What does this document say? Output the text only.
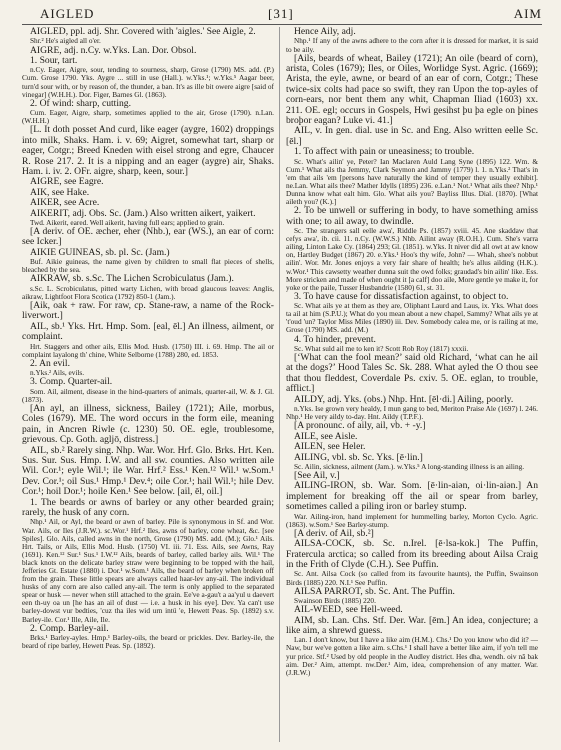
AIGLED	[31]	AIM

AIGLED, ppl. adj. Shr. Covered with 'aigles.' See Aigle, 2.

Shr.² He's aigled all o'er.

AIGRE, adj. n.Cy. w.Yks. Lan. Dor. Obsol.

1. Sour, tart.

n.Cy. Eager, Aigre, sour, tending to sourness, sharp, Grose (1790) MS. add. (P.) Cum. Grose 1790. Yks. Aygre ... still in use (Hall.). w.Yks.¹; w.Yks.⁵ Aagar beer, turn'd sour with, or by reason of, the thunder, a ban. It's as ille bit owere aigre [said of vinegar] (W.H.H.). Dor. Figer, Barnes Gl. (1863).

2. Of wind: sharp, cutting.

Cum. Eager, Aigre, sharp, sometimes applied to the air, Grose (1790). n.Lan. (W.H.H.)

[L. It doth posset And curd, like eager (aygre, 1602) droppings into milk, Shaks. Ham. i. v. 69; Aigret, somewhat tart, sharp or eager, Cotgr.; Breed Kneden with eisel strong and egre, Chaucer R. Rose 217. 2. It is a nipping and an eager (aygre) air, Shaks. Ham. i. iv. 2. OFr. aigre, sharp, keen, sour.]

AIGRE, see Eagre.

AIK, see Hake.

AIKER, see Acre.

AIKERIT, adj. Obs. Sc. (Jam.) Also written aikert, yaikert.

Twd. Aikerit, eared. Well aikerit, having full ears; applied to grain.

[A deriv. of OE. æcher, eher (Nhb.), ear (WS.), an ear of corn: see Icker.]

AIKIE GUINEAS, sb. pl. Sc. (Jam.)

Buf. Aikie guineas, the name given by children to small flat pieces of shells, bleached by the sea.

AIKRAW, sb. s.Sc. The Lichen Scrobiculatus (Jam.).

s.Sc. L. Scrobiculatus, pitted warty Lichen, with broad glaucous leaves: Anglis, aikraw, Lightfoot Flora Scotica (1792) 850-1 (Jam.).

[Aik, oak + raw. For raw, cp. Stane-raw, a name of the Rock-liverwort.]

AIL, sb.¹ Yks. Hrt. Hmp. Som. [eal, ēl.] An illness, ailment, or complaint.

Hrt. Staggers and other ails, Ellis Mod. Husb. (1750) III. i. 69. Hmp. The ail or complaint layalong th' chine, White Selborne (1788) 280, ed. 1853.

2. An evil.

n.Yks.² Ails, evils.

3. Comp. Quarter-ail.

Som. Ail, ailment, disease in the hind-quarters of animals, quarter-ail, W. & J. Gl. (1873).

[An ayl, an illness, sickness, Bailey (1721); Aile, morbus, Coles (1679). ME. The word occurs in the form eile, meaning pain, in Ancren Riwle (c. 1230) 50. OE. egle, troublesome, grievous. Cp. Goth. agljō, distress.]

AIL, sb.² Rarely sing. Nhp. War. Wor. Hrf. Glo. Brks. Hrt. Ken. Sus. Sur. Sus. Hmp. I.W. and all sw. counties. Also written aile Wil. Cor.¹; eyle Wil.¹; ile War. Hrf.² Ess.¹ Ken.¹² Wil.¹ w.Som.¹ Dev. Cor.¹; oil Sus.¹ Hmp.¹ Dev.⁴; oile Cor.¹; hail Wil.¹; hile Dev. Cor.¹; hoil Dor.¹; hoile Ken.¹ See below. [ail, ēl, oil.]

1. The beards or awns of barley or any other bearded grain; rarely, the husk of any corn.

Nhp.¹ Ail, or Ayl, the beard or awn of barley. Pile is synonymous in Sf. and Wor. War. Ails, or Iles (J.R.W.). sc.Wor.¹ Hrf.² Iles, awns of barley, cone wheat, &c. [see Spiles]. Glo. Ails, called awns in the north, Grose (1790) MS. add. (M.); Glo.¹ Ails. Hrt. Tails, or Ails, Ellis Mod. Husb. (1750) VI. iii. 71. Ess. Ails, see Awns, Ray (1691). Ken.¹² Sur.¹ Sus.¹ I.W.¹² Ails, beards of barley, called barley ails. Wil.¹ The black knots on the delicate barley straw were beginning to be topped with the hail, Jefferies Gt. Estate (1880) i. Dor.¹ w.Som.¹ Ails, the beard of barley when broken off from the grain. These little spears are always called haar-lev any-ail. The individual husks of any corn are also called any-ail. The term is only applied to the separated spear or husk — never when still attached to the grain. Ee've a-gau't a aa'yul u daevert een th-uy oa un [he has an ail of dust — i.e. a husk in his eye]. Dev. Ya can't use barley-dowst vur bedties, 'cuz tha iles wid urn intü 'e, Hewett Peas. Sp. (1892) s.v. Barley-ile. Cor.¹ Ille, Aile, Ile.

2. Comp. Barley-ail.

Brks.¹ Barley-ayles. Hmp.¹ Barley-oils, the beard or prickles. Dev. Barley-ile, the beard of ripe barley, Hewett Peas. Sp. (1892).

Hence Aily, adj.

Nhp.¹ If any of the awns adhere to the corn after it is dressed for market, it is said to be aily.

[Ails, beards of wheat, Bailey (1721); An oile (beard of corn), arista, Coles (1679); Iles, or Oiles, Worlidge Syst. Agric. (1669); Arista, the eyle, awne, or beard of an ear of corn, Cotgr.; These twice-six colts had pace so swift, they ran Upon the top-ayles of corn-ears, nor bent them any whit, Chapman Iliad (1603) xx. 211. OE. egl; occurs in Gospels, Hwi gesihst þu þa egle on þines broþor eagan? Luke vi. 41.]

AIL, v. In gen. dial. use in Sc. and Eng. Also written eelle Sc. [ēl.]

1. To affect with pain or uneasiness; to trouble.

Sc. What's ailin' ye, Peter? Ian Maclaren Auld Lang Syne (1895) 122. Wm. & Cum.¹ What ails tha Jemmy, Clark Seymon and Jammy (1779) l. 1. n.Yks.² That's in 'em that ails 'em [persons have naturally the kind of temper they usually exhibit]. ne.Lan. What ails thee? Mather Idylls (1895) 236. e.Lan.¹ Not.¹ What ails thee? Nhp.¹ Dunna know what ealt him. Glo. What ails you? Bayliss Illus. Dial. (1870). [What aileth you? (K.).]

2. To be unwell or suffering in body, to have something amiss with one; to ail away, to dwindle.

Sc. The strangers sall eelle awa', Riddle Ps. (1857) xviii. 45. Ane skaddaw that cefys awa', ib. cii. 11. n.Cy. (W.W.S.) Nhb. Ailint away (R.O.H.). Cum. She's varra ailing, Linton Lake Cy. (1864) 293; Gl. (1851). w.Yks. It niver did all owt at aw know on, Hartley Budget (1867) 20. e.Yks.¹ Hoo's thy wife, John? — Whah, shee's nobbut ailin'. Wor. Mr. Jones enjoys a very fair share of health; he's allus ailding (H.K.). w.Wor.¹ This cawsetty weather dunna suit the owd folks; graudad's bin ailin' like. Ess. More stricken and made of when ought it [a calf] doo aile, More gentle ye make it, for yoke or the paile, Tusser Husbandrie (1580) 61, st. 31.

3. To have cause for dissatisfaction against, to object to.

Sc. What ails ye at them as they are, Oliphant Laurd and Laus, ix. Yks. What does ta ail at him (S.P.U.); What do you mean about a new chapel, Sammy? What ails ye at 't'oud 'un? Taylor Miss Miles (1890) iii. Dev. Somebody calea me, or is railing at me, Grose (1790) MS. add. (M.)

4. To hinder, prevent.

Sc. What suld ail me to ken it? Scott Rob Roy (1817) xxxii.

[‘What can the fool mean?’ said old Richard, ‘what can he ail at the dogs?’ Hood Tales Sc. Sk. 288. What ayled the O thou see that thou fleddest, Coverdale Ps. cxiv. 5. OE. eglan, to trouble, afflict.]

AILDY, adj. Yks. (obs.) Nhp. Hnt. [ēl·di.] Ailing, poorly.

n.Yks. Ise grown very healdy, I mun gang to bed, Meriton Praise Ale (1697) l. 246. Nhp.¹ He very aildy to-day. Hnt. Aildy (T.P.F.).

[A pronounc. of aily, ail, vb. + -y.]

AILE, see Aisle.

AILEN, see Heler.

AILING, vbl. sb. Sc. Yks. [ē·lin.]

Sc. Ailin, sickness, ailment (Jam.). w.Yks.⁵ A long-standing illness is an ailing.

[See Ail, v.]

AILING-IRON, sb. War. Som. [ē·lin-aiən, oi·lin-aiən.] An implement for breaking off the ail or spear from barley, sometimes called a piling iron or barley stump.

War. Ailing-iron, hand implement for hummelling barley, Morton Cyclo. Agric. (1863). w.Som.¹ See Barley-stump.

[A deriv. of Ail, sb.²]

AILSA-COCK, sb. Sc. n.Irel. [ē·lsa-kok.] The Puffin, Fratercula arctica; so called from its breeding about Ailsa Craig in the Frith of Clyde (C.H.). See Puffin.

Sc. Ant. Ailsa Cock (so called from its favourite haunts), the Puffin, Swainson Birds (1885) 220. N.I.¹ See Puffin.

AILSA PARROT, sb. Sc. Ant. The Puffin.

Swainson Birds (1885) 220.

AIL-WEED, see Hell-weed.

AIM, sb. Lan. Chs. Stf. Der. War. [ēm.] An idea, conjecture; a like aim, a shrewd guess.

Lan. I don't know, but I have a like aim (H.M.). Chs.¹ Do you know who did it? — Naw, bur we've gotten a like aim. s.Chs.¹ I shall have a better like aim, if yo'n tell me yur price. Stf.² Used by old people in the Audley district. Hes dha, wendh. oiv nā bak aim. Der.² Aim, attempt. nw.Der.¹ Aim, idea, comprehension of any matter. War. (J.R.W.)
